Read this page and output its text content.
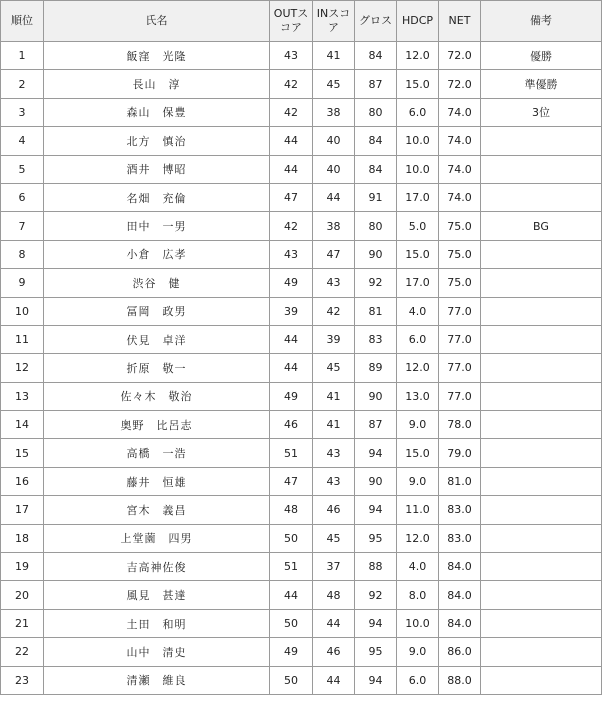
順位	氏名	OUTスコア	INスコア	グロス	HDCP	NET	備考
1	飯窪　光隆	43	41	84	12.0	72.0	優勝
2	長山　淳	42	45	87	15.0	72.0	準優勝
3	森山　保豊	42	38	80	6.0	74.0	3位
4	北方　慎治	44	40	84	10.0	74.0	
5	酒井　博昭	44	40	84	10.0	74.0	
6	名畑　充倫	47	44	91	17.0	74.0	
7	田中　一男	42	38	80	5.0	75.0	BG
8	小倉　広孝	43	47	90	15.0	75.0	
9	渋谷　健	49	43	92	17.0	75.0	
10	冨岡　政男	39	42	81	4.0	77.0	
11	伏見　卓洋	44	39	83	6.0	77.0	
12	折原　敬一	44	45	89	12.0	77.0	
13	佐々木　敬治	49	41	90	13.0	77.0	
14	奥野　比呂志	46	41	87	9.0	78.0	
15	高橋　一浩	51	43	94	15.0	79.0	
16	藤井　恒雄	47	43	90	9.0	81.0	
17	宮木　義昌	48	46	94	11.0	83.0	
18	上堂薗　四男	50	45	95	12.0	83.0	
19	吉高神佐俊	51	37	88	4.0	84.0	
20	風見　甚達	44	48	92	8.0	84.0	
21	土田　和明	50	44	94	10.0	84.0	
22	山中　清史	49	46	95	9.0	86.0	
23	清瀬　維良	50	44	94	6.0	88.0	
